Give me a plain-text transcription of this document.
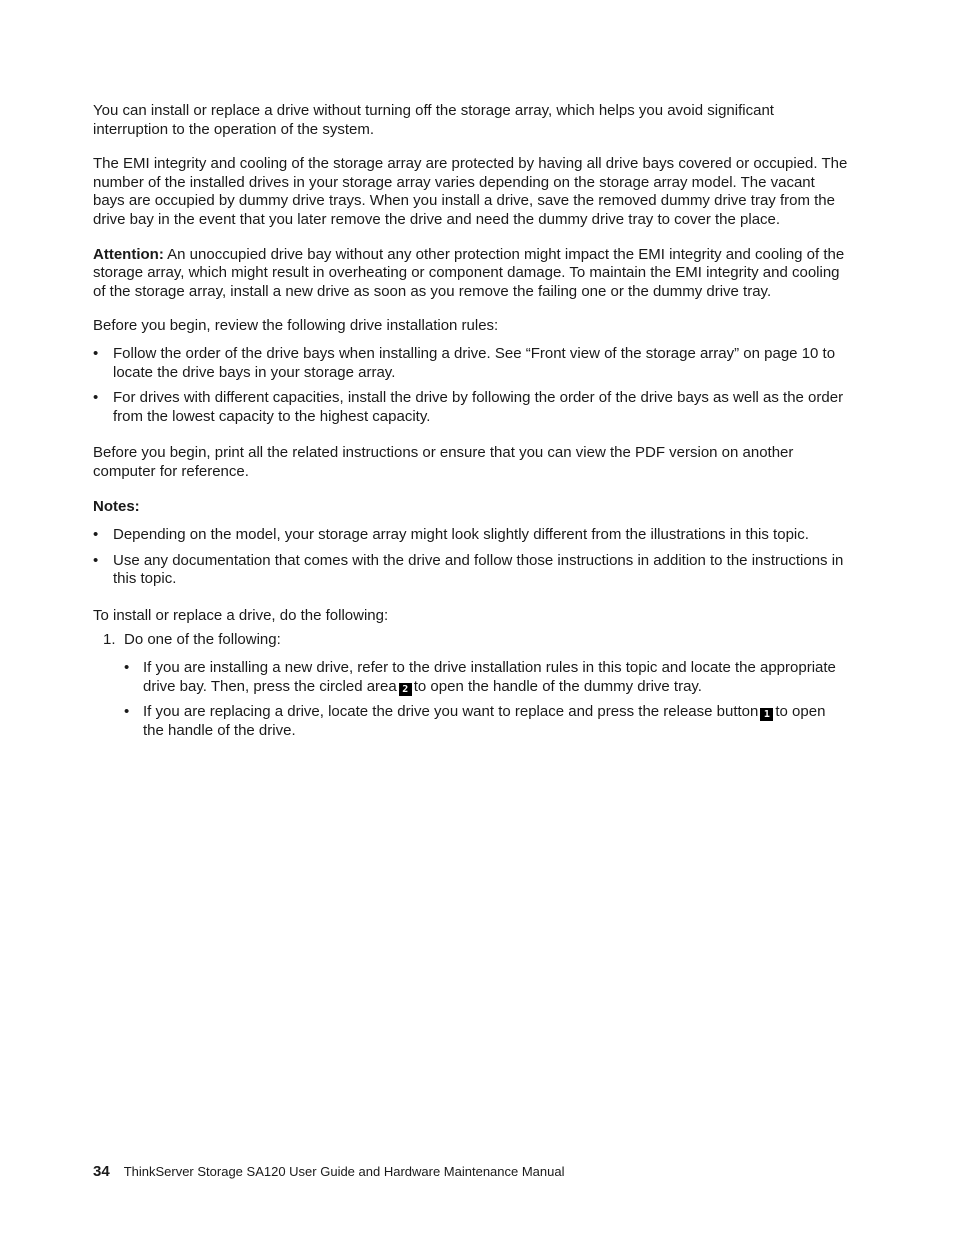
You can install or replace a drive without turning off the storage array, which helps you avoid significant interruption to the operation of the system.

The EMI integrity and cooling of the storage array are protected by having all drive bays covered or occupied. The number of the installed drives in your storage array varies depending on the storage array model. The vacant bays are occupied by dummy drive trays. When you install a drive, save the removed dummy drive tray from the drive bay in the event that you later remove the drive and need the dummy drive tray to cover the place.

Attention: An unoccupied drive bay without any other protection might impact the EMI integrity and cooling of the storage array, which might result in overheating or component damage. To maintain the EMI integrity and cooling of the storage array, install a new drive as soon as you remove the failing one or the dummy drive tray.

Before you begin, review the following drive installation rules:

• Follow the order of the drive bays when installing a drive. See “Front view of the storage array” on page 10 to locate the drive bays in your storage array.
• For drives with different capacities, install the drive by following the order of the drive bays as well as the order from the lowest capacity to the highest capacity.

Before you begin, print all the related instructions or ensure that you can view the PDF version on another computer for reference.

Notes:

• Depending on the model, your storage array might look slightly different from the illustrations in this topic.
• Use any documentation that comes with the drive and follow those instructions in addition to the instructions in this topic.

To install or replace a drive, do the following:

1. Do one of the following:
• If you are installing a new drive, refer to the drive installation rules in this topic and locate the appropriate drive bay. Then, press the circled area 2 to open the handle of the dummy drive tray.
• If you are replacing a drive, locate the drive you want to replace and press the release button 1 to open the handle of the drive.
34 ThinkServer Storage SA120 User Guide and Hardware Maintenance Manual
